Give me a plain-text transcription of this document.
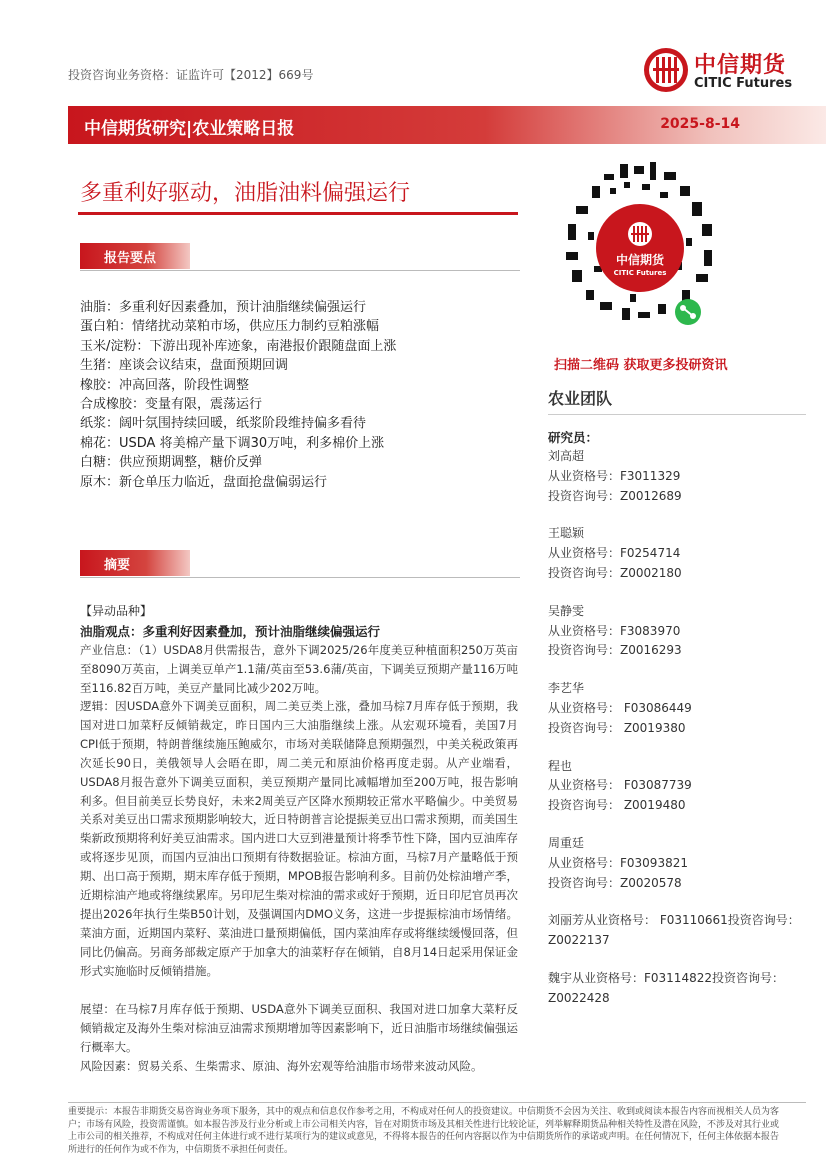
投资咨询业务资格：证监许可【2012】669号	中信期货
CITIC Futures
中信期货研究|农业策略日报	2025-8-14
多重利好驱动，油脂油料偏强运行
报告要点
油脂：多重利好因素叠加，预计油脂继续偏强运行
蛋白粕：情绪扰动菜粕市场，供应压力制约豆粕涨幅
玉米/淀粉：下游出现补库迹象，南港报价跟随盘面上涨
生猪：座谈会议结束，盘面预期回调
橡胶：冲高回落，阶段性调整
合成橡胶：变量有限，震荡运行
纸浆：阔叶氛围持续回暖，纸浆阶段维持偏多看待
棉花：USDA 将美棉产量下调30万吨，利多棉价上涨
白糖：供应预期调整，糖价反弹
原木：新仓单压力临近，盘面抢盘偏弱运行
摘要
【异动品种】
油脂观点：多重利好因素叠加，预计油脂继续偏强运行
产业信息：（1）USDA8月供需报告，意外下调2025/26年度美豆种植面积250万英亩至8090万英亩，上调美豆单产1.1蒲/英亩至53.6蒲/英亩，下调美豆预期产量116万吨至116.82百万吨，美豆产量同比减少202万吨。
逻辑：因USDA意外下调美豆面积，周二美豆类上涨，叠加马棕7月库存低于预期，我国对进口加菜籽反倾销裁定，昨日国内三大油脂继续上涨。从宏观环境看，美国7月CPI低于预期，特朗普继续施压鲍威尔，市场对美联储降息预期强烈，中美关税政策再次延长90日，美俄领导人会晤在即，周二美元和原油价格再度走弱。从产业端看，USDA8月报告意外下调美豆面积，美豆预期产量同比减幅增加至200万吨，报告影响利多。但目前美豆长势良好，未来2周美豆产区降水预期较正常水平略偏少。中美贸易关系对美豆出口需求预期影响较大，近日特朗普言论提振美豆出口需求预期，而美国生柴新政预期将利好美豆油需求。国内进口大豆到港量预计将季节性下降，国内豆油库存或将逐步见顶，而国内豆油出口预期有待数据验证。棕油方面，马棕7月产量略低于预期、出口高于预期，期末库存低于预期，MPOB报告影响利多。目前仍处棕油增产季，近期棕油产地或将继续累库。另印尼生柴对棕油的需求或好于预期，近日印尼官员再次提出2026年执行生柴B50计划，及强调国内DMO义务，这进一步提振棕油市场情绪。菜油方面，近期国内菜籽、菜油进口量预期偏低，国内菜油库存或将继续缓慢回落，但同比仍偏高。另商务部裁定原产于加拿大的油菜籽存在倾销，自8月14日起采用保证金形式实施临时反倾销措施。
展望：在马棕7月库存低于预期、USDA意外下调美豆面积、我国对进口加拿大菜籽反倾销裁定及海外生柴对棕油豆油需求预期增加等因素影响下，近日油脂市场继续偏强运行概率大。
风险因素：贸易关系、生柴需求、原油、海外宏观等给油脂市场带来波动风险。
中信期货
CITIC Futures
扫描二维码 获取更多投研资讯
农业团队
研究员：
刘高超
从业资格号：F3011329
投资咨询号：Z0012689
王聪颖
从业资格号：F0254714
投资咨询号：Z0002180
吴静雯
从业资格号：F3083970
投资咨询号：Z0016293
李艺华
从业资格号： F03086449
投资咨询号： Z0019380
程也
从业资格号： F03087739
投资咨询号： Z0019480
周重廷
从业资格号：F03093821
投资咨询号：Z0020578
刘丽芳从业资格号： F03110661投资咨询号：Z0022137
魏宇从业资格号：F03114822投资咨询号：Z0022428
重要提示：本报告非期货交易咨询业务项下服务，其中的观点和信息仅作参考之用，不构成对任何人的投资建议。中信期货不会因为关注、收到或阅读本报告内容而视相关人员为客户；市场有风险，投资需谨慎。如本报告涉及行业分析或上市公司相关内容，旨在对期货市场及其相关性进行比较论证，列举解释期货品种相关特性及潜在风险，不涉及对其行业或上市公司的相关推荐，不构成对任何主体进行或不进行某项行为的建议或意见，不得将本报告的任何内容据以作为中信期货所作的承诺或声明。在任何情况下，任何主体依据本报告所进行的任何作为或不作为，中信期货不承担任何责任。
